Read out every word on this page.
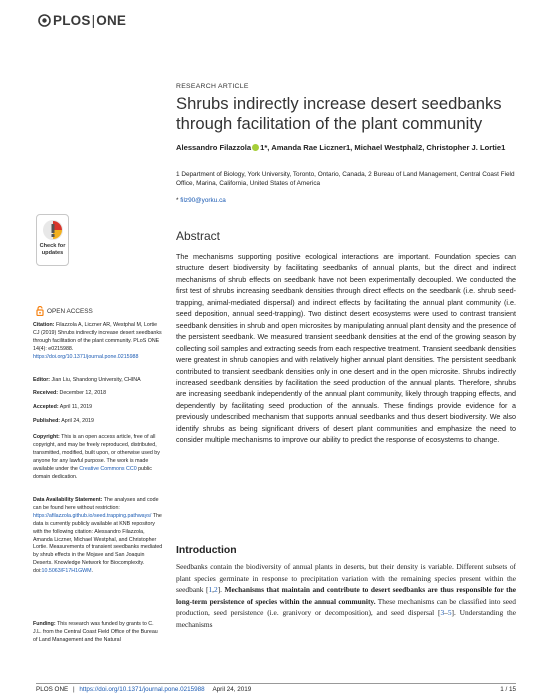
PLOS | ONE
Check for
updates
OPEN ACCESS
Citation: Filazzola A, Liczner AR, Westphal M, Lortie CJ (2019) Shrubs indirectly increase desert seedbanks through facilitation of the plant community. PLoS ONE 14(4): e0215988. https://doi.org/10.1371/journal.pone.0215988
Editor: Jian Liu, Shandong University, CHINA
Received: December 12, 2018
Accepted: April 11, 2019
Published: April 24, 2019
Copyright: This is an open access article, free of all copyright, and may be freely reproduced, distributed, transmitted, modified, built upon, or otherwise used by anyone for any lawful purpose. The work is made available under the Creative Commons CC0 public domain dedication.
Data Availability Statement: The analyses and code can be found here without restriction: https://afilazzola.github.io/seed.trapping.pathways/ The data is currently publicly available at KNB repository with the following citation: Alessandro Filazzola, Amanda Liczner, Michael Westphal, and Christopher Lortie. Measurements of transient seedbanks mediated by shrub effects in the Mojave and San Joaquin Deserts. Knowledge Network for Biocomplexity. doi:10.5063/F17H1GWM.
Funding: This research was funded by grants to C. J.L. from the Central Coast Field Office of the Bureau of Land Management and the Natural
RESEARCH ARTICLE
Shrubs indirectly increase desert seedbanks through facilitation of the plant community
Alessandro Filazzola 1*, Amanda Rae Liczner1, Michael Westphal2, Christopher J. Lortie1
1 Department of Biology, York University, Toronto, Ontario, Canada, 2 Bureau of Land Management, Central Coast Field Office, Marina, California, United States of America
* filz90@yorku.ca
Abstract

The mechanisms supporting positive ecological interactions are important. Foundation species can structure desert biodiversity by facilitating seedbanks of annual plants, but the direct and indirect mechanisms of shrub effects on seedbank have not been experimentally decoupled. We conducted the first test of shrubs increasing seedbank densities through direct effects on the seedbank (i.e. shrub seed-trapping, animal-mediated dispersal) and indirect effects by facilitating the annual plant community (i.e. seed deposition, annual seed-trapping). Two distinct desert ecosystems were used to contrast transient seedbank densities in shrub and open microsites by manipulating annual plant density and the presence of the persistent seedbank. We measured transient seedbank densities at the end of the growing season by collecting soil samples and extracting seeds from each respective treatment. Transient seedbank densities were greatest in shrub canopies and with relatively higher annual plant densities. The persistent seedbank contributed to transient seedbank densities only in one desert and in the open microsite. Shrubs indirectly increased seedbank densities by facilitation the seed production of the annual plants. Therefore, shrubs are increasing seedbank independently of the annual plant community, likely through trapping effects, and dependently by facilitating seed production of the annuals. These findings provide evidence for a previously undescribed mechanism that supports annual seedbanks and thus desert biodiversity. We also identify shrubs as being significant drivers of desert plant communities and emphasize the need to consider multiple mechanisms to improve our ability to predict the response of ecosystems to change.

Introduction

Seedbanks contain the biodiversity of annual plants in deserts, but their density is variable. Different subsets of plant species germinate in response to precipitation variation with the remaining species present within the seedbank [1,2]. Mechanisms that maintain and contribute to desert seedbanks are thus responsible for the long-term persistence of species within the annual community. These mechanisms can be classified into seed production, seed persistence (i.e. granivory or decomposition), and seed dispersal [3–5]. Understanding the mechanisms

PLOS ONE | https://doi.org/10.1371/journal.pone.0215988 April 24, 2019	1 / 15
